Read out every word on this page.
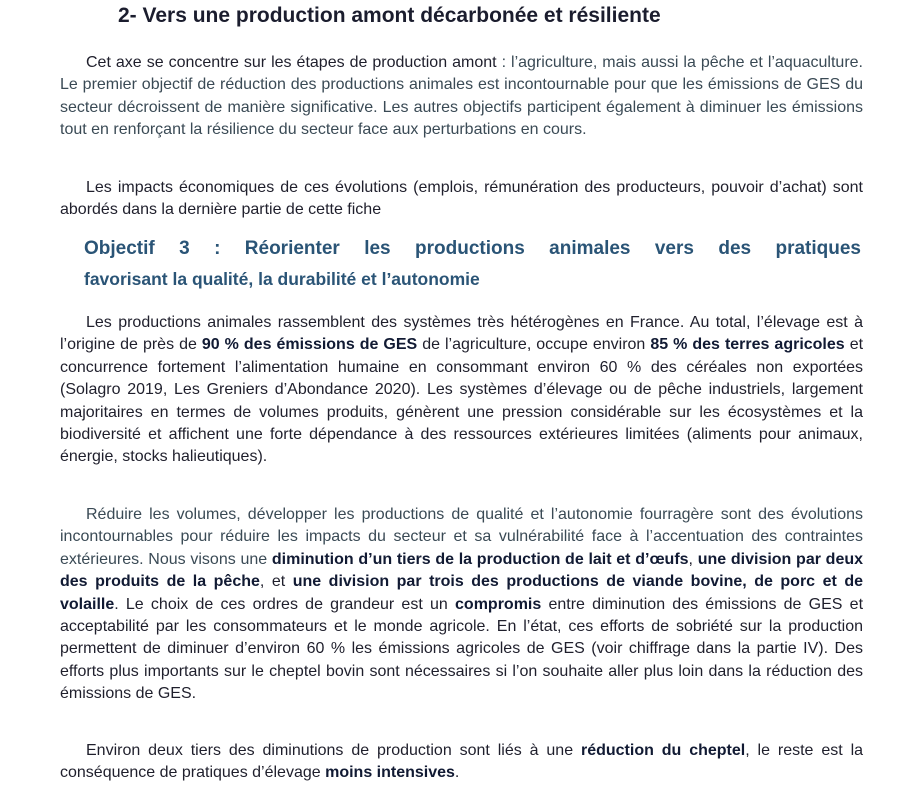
2- Vers une production amont décarbonée et résiliente

Cet axe se concentre sur les étapes de production amont : l’agriculture, mais aussi la pêche et l’aquaculture. Le premier objectif de réduction des productions animales est incontournable pour que les émissions de GES du secteur décroissent de manière significative. Les autres objectifs participent également à diminuer les émissions tout en renforçant la résilience du secteur face aux perturbations en cours.

Les impacts économiques de ces évolutions (emplois, rémunération des producteurs, pouvoir d’achat) sont abordés dans la dernière partie de cette fiche

Objectif 3 : Réorienter les productions animales vers des pratiques
favorisant la qualité, la durabilité et l’autonomie

Les productions animales rassemblent des systèmes très hétérogènes en France. Au total, l’élevage est à l’origine de près de 90 % des émissions de GES de l’agriculture, occupe environ 85 % des terres agricoles et concurrence fortement l’alimentation humaine en consommant environ 60 % des céréales non exportées (Solagro 2019, Les Greniers d’Abondance 2020). Les systèmes d’élevage ou de pêche industriels, largement majoritaires en termes de volumes produits, génèrent une pression considérable sur les écosystèmes et la biodiversité et affichent une forte dépendance à des ressources extérieures limitées (aliments pour animaux, énergie, stocks halieutiques).

Réduire les volumes, développer les productions de qualité et l’autonomie fourragère sont des évolutions incontournables pour réduire les impacts du secteur et sa vulnérabilité face à l’accentuation des contraintes extérieures. Nous visons une diminution d’un tiers de la production de lait et d’œufs, une division par deux des produits de la pêche, et une division par trois des productions de viande bovine, de porc et de volaille. Le choix de ces ordres de grandeur est un compromis entre diminution des émissions de GES et acceptabilité par les consommateurs et le monde agricole. En l’état, ces efforts de sobriété sur la production permettent de diminuer d’environ 60 % les émissions agricoles de GES (voir chiffrage dans la partie IV). Des efforts plus importants sur le cheptel bovin sont nécessaires si l’on souhaite aller plus loin dans la réduction des émissions de GES.

Environ deux tiers des diminutions de production sont liés à une réduction du cheptel, le reste est la conséquence de pratiques d’élevage moins intensives.
